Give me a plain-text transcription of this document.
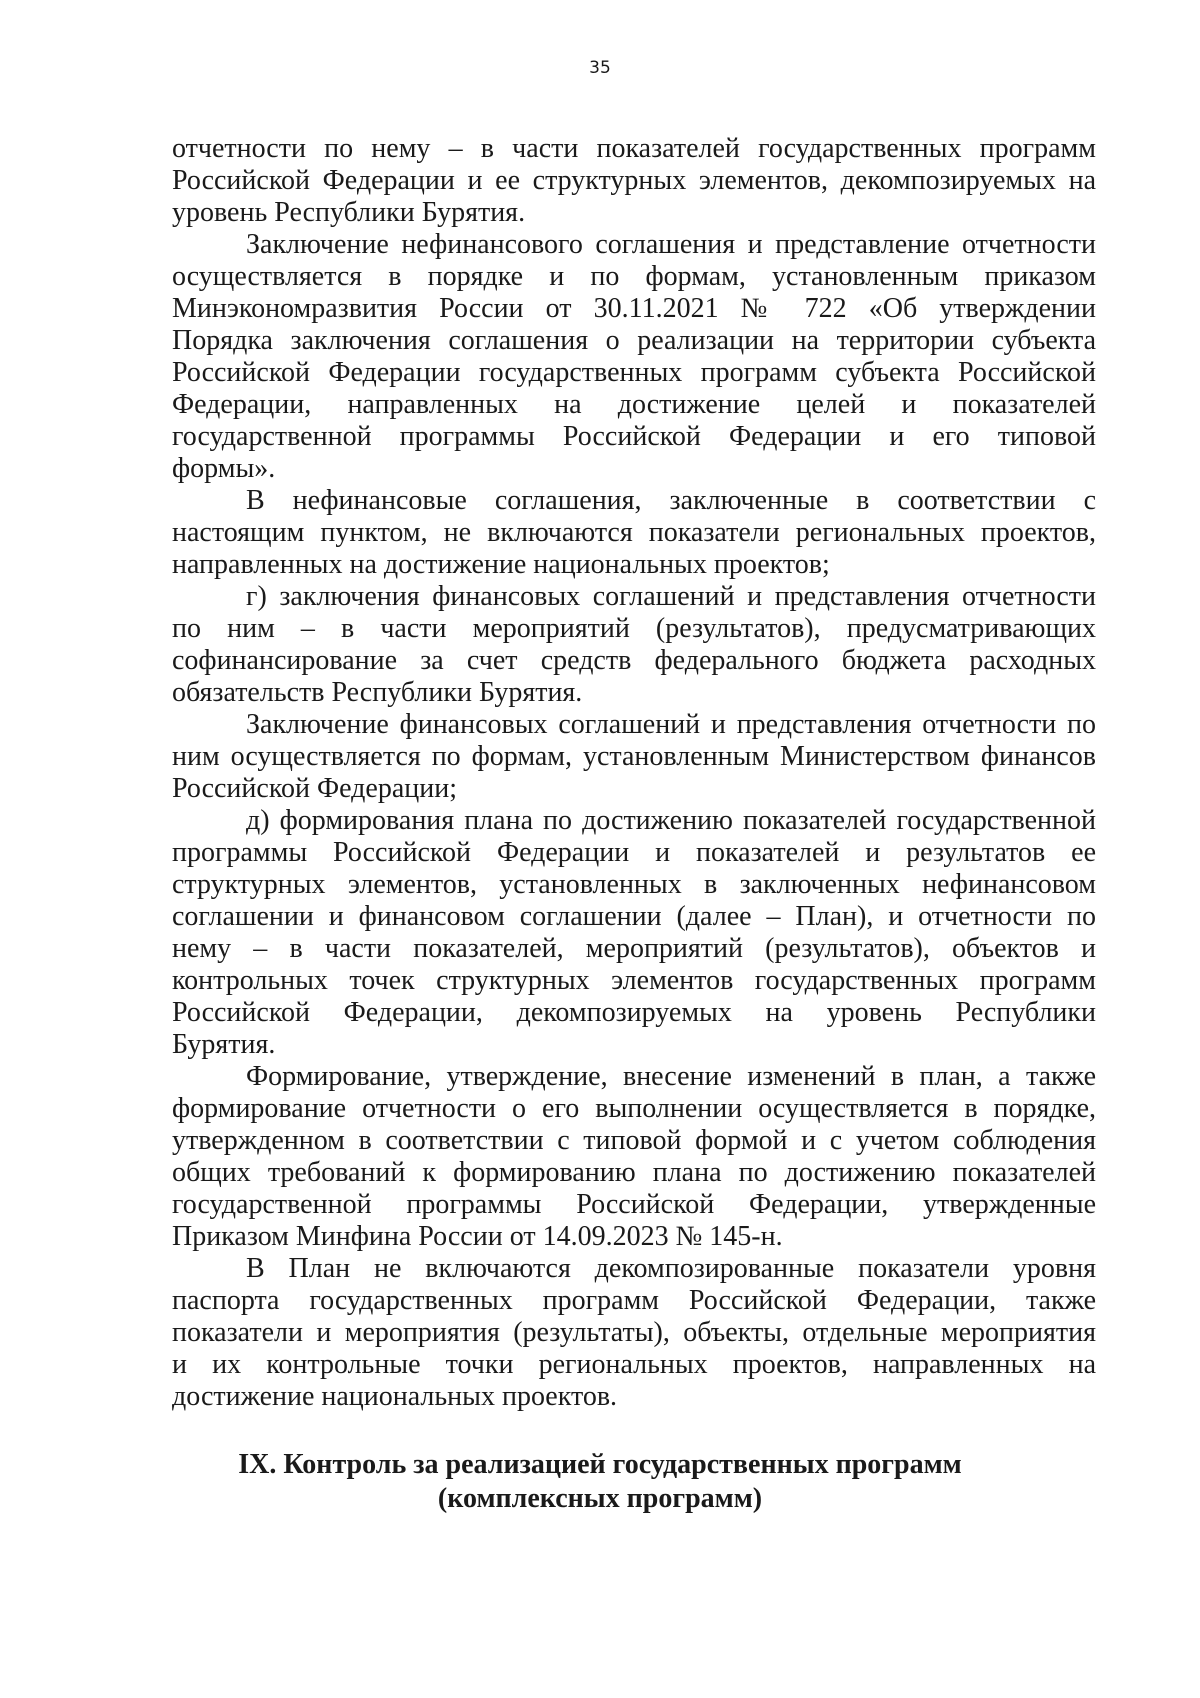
35
отчетности по нему – в части показателей государственных программ
Российской Федерации и ее структурных элементов, декомпозируемых на
уровень Республики Бурятия.
Заключение нефинансового соглашения и представление отчетности
осуществляется в порядке и по формам, установленным приказом
Минэкономразвития России от 30.11.2021 № 722 «Об утверждении
Порядка заключения соглашения о реализации на территории субъекта
Российской Федерации государственных программ субъекта Российской
Федерации, направленных на достижение целей и показателей
государственной программы Российской Федерации и его типовой
формы».
В нефинансовые соглашения, заключенные в соответствии с
настоящим пунктом, не включаются показатели региональных проектов,
направленных на достижение национальных проектов;
г) заключения финансовых соглашений и представления отчетности
по ним – в части мероприятий (результатов), предусматривающих
софинансирование за счет средств федерального бюджета расходных
обязательств Республики Бурятия.
Заключение финансовых соглашений и представления отчетности по
ним осуществляется по формам, установленным Министерством финансов
Российской Федерации;
д) формирования плана по достижению показателей государственной
программы Российской Федерации и показателей и результатов ее
структурных элементов, установленных в заключенных нефинансовом
соглашении и финансовом соглашении (далее – План), и отчетности по
нему – в части показателей, мероприятий (результатов), объектов и
контрольных точек структурных элементов государственных программ
Российской Федерации, декомпозируемых на уровень Республики
Бурятия.
Формирование, утверждение, внесение изменений в план, а также
формирование отчетности о его выполнении осуществляется в порядке,
утвержденном в соответствии с типовой формой и с учетом соблюдения
общих требований к формированию плана по достижению показателей
государственной программы Российской Федерации, утвержденные
Приказом Минфина России от 14.09.2023 № 145-н.
В План не включаются декомпозированные показатели уровня
паспорта государственных программ Российской Федерации, также
показатели и мероприятия (результаты), объекты, отдельные мероприятия
и их контрольные точки региональных проектов, направленных на
достижение национальных проектов.
IX. Контроль за реализацией государственных программ
(комплексных программ)
